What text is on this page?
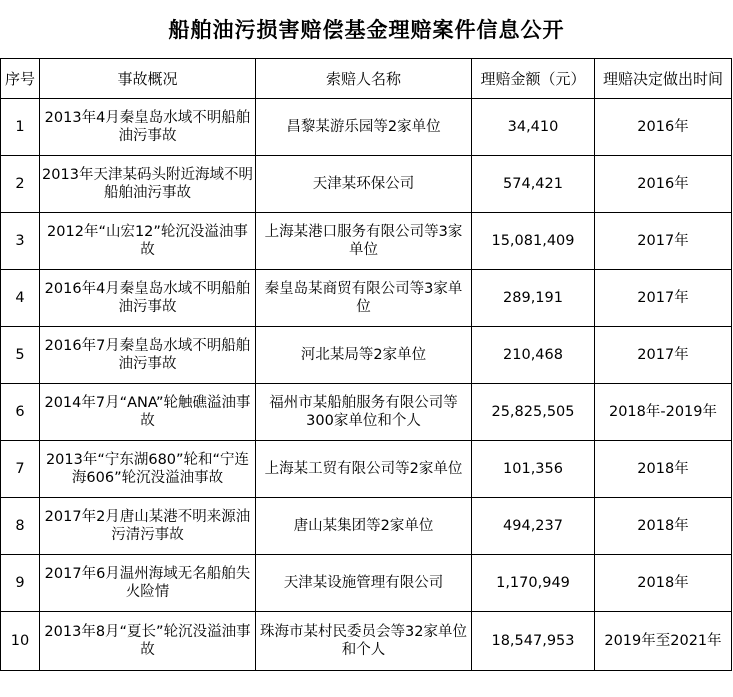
船舶油污损害赔偿基金理赔案件信息公开
序号	事故概况	索赔人名称	理赔金额（元）	理赔决定做出时间
1	2013年4月秦皇岛水域不明船舶油污事故	昌黎某游乐园等2家单位	34,410	2016年
2	2013年天津某码头附近海域不明船舶油污事故	天津某环保公司	574,421	2016年
3	2012年“山宏12”轮沉没溢油事故	上海某港口服务有限公司等3家单位	15,081,409	2017年
4	2016年4月秦皇岛水域不明船舶油污事故	秦皇岛某商贸有限公司等3家单位	289,191	2017年
5	2016年7月秦皇岛水域不明船舶油污事故	河北某局等2家单位	210,468	2017年
6	2014年7月“ANA”轮触礁溢油事故	福州市某船舶服务有限公司等300家单位和个人	25,825,505	2018年-2019年
7	2013年“宁东湖680”轮和“宁连海606”轮沉没溢油事故	上海某工贸有限公司等2家单位	101,356	2018年
8	2017年2月唐山某港不明来源油污清污事故	唐山某集团等2家单位	494,237	2018年
9	2017年6月温州海域无名船舶失火险情	天津某设施管理有限公司	1,170,949	2018年
10	2013年8月“夏长”轮沉没溢油事故	珠海市某村民委员会等32家单位和个人	18,547,953	2019年至2021年
